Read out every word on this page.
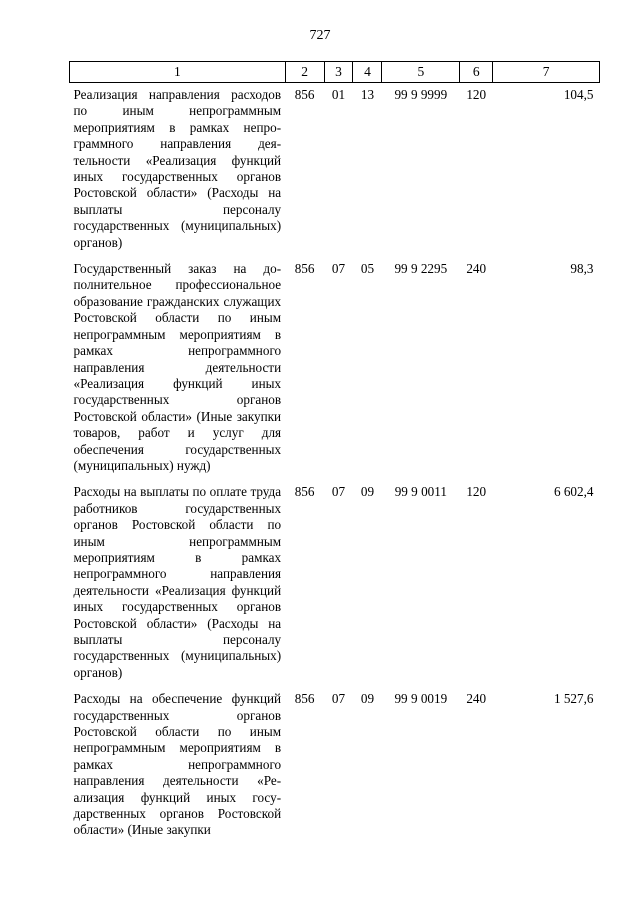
727
1	2	3	4	5	6	7
Реализация направления расходов по иным непрограммным мероприятиям в рамках непрограммного направления деятельности «Реализация функций иных государственных органов Ростовской области» (Расходы на выплаты персоналу государственных (муниципальных) органов)	856	01	13	99 9 9999	120	104,5
Государственный заказ на дополнительное профессиональное образование гражданских служащих Ростовской области по иным непрограммным мероприятиям в рамках непрограммного направления деятельности «Реализация функций иных государственных органов Ростовской области» (Иные закупки товаров, работ и услуг для обеспечения государственных (муниципальных) нужд)	856	07	05	99 9 2295	240	98,3
Расходы на выплаты по оплате труда работников государственных органов Ростовской области по иным непрограммным мероприятиям в рамках непрограммного направления деятельности «Реализация функций иных государственных органов Ростовской области» (Расходы на выплаты персоналу государственных (муниципальных) органов)	856	07	09	99 9 0011	120	6 602,4
Расходы на обеспечение функций государственных органов Ростовской области по иным непрограммным мероприятиям в рамках непрограммного направления деятельности «Реализация функций иных государственных органов Ростовской области» (Иные закупки	856	07	09	99 9 0019	240	1 527,6
